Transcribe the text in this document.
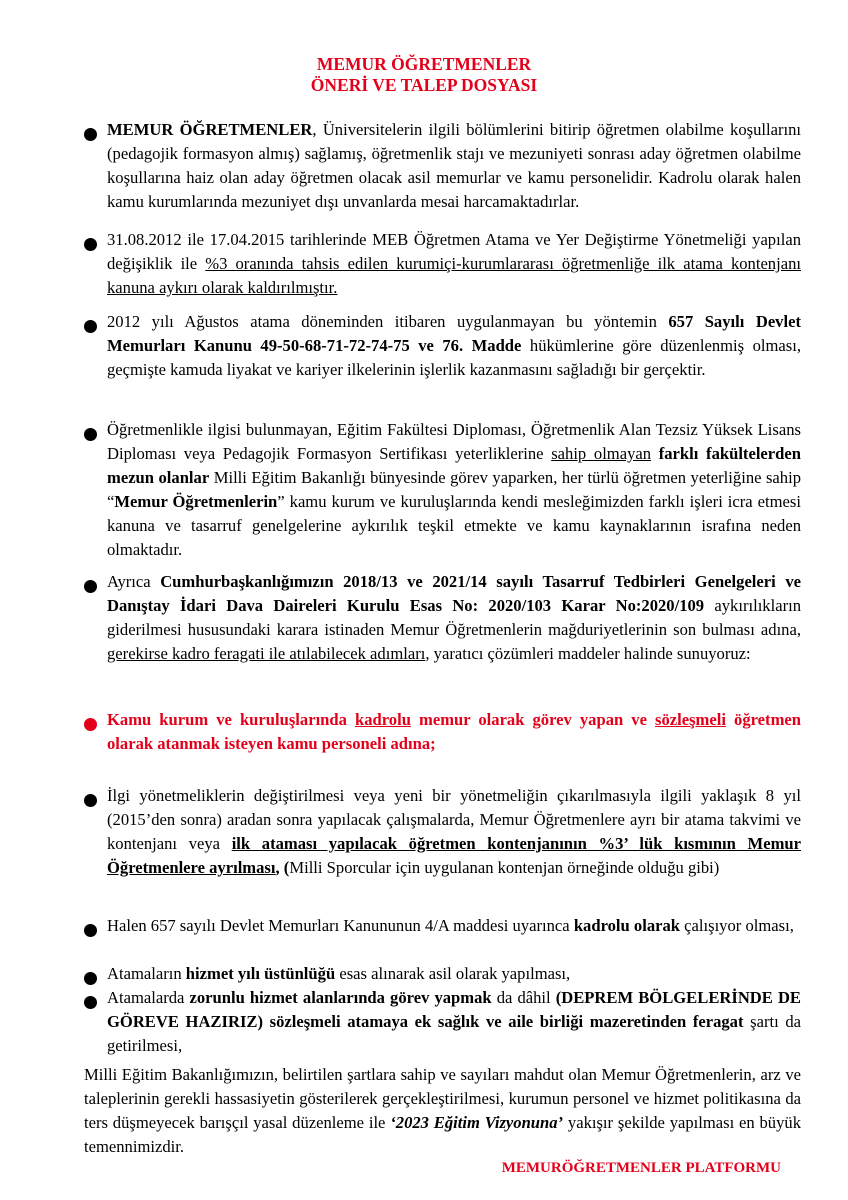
MEMUR ÖĞRETMENLER
ÖNERİ VE TALEP DOSYASI
MEMUR ÖĞRETMENLER, Üniversitelerin ilgili bölümlerini bitirip öğretmen olabilme koşullarını (pedagojik formasyon almış) sağlamış, öğretmenlik stajı ve mezuniyeti sonrası aday öğretmen olabilme koşullarına haiz olan aday öğretmen olacak asil memurlar ve kamu personelidir. Kadrolu olarak halen kamu kurumlarında mezuniyet dışı unvanlarda mesai harcamaktadırlar.
31.08.2012 ile 17.04.2015 tarihlerinde MEB Öğretmen Atama ve Yer Değiştirme Yönetmeliği yapılan değişiklik ile %3 oranında tahsis edilen kurumiçi-kurumlararası öğretmenliğe ilk atama kontenjanı kanuna aykırı olarak kaldırılmıştır.
2012 yılı Ağustos atama döneminden itibaren uygulanmayan bu yöntemin 657 Sayılı Devlet Memurları Kanunu 49-50-68-71-72-74-75 ve 76. Madde hükümlerine göre düzenlenmiş olması, geçmişte kamuda liyakat ve kariyer ilkelerinin işlerlik kazanmasını sağladığı bir gerçektir.
Öğretmenlikle ilgisi bulunmayan, Eğitim Fakültesi Diploması, Öğretmenlik Alan Tezsiz Yüksek Lisans Diploması veya Pedagojik Formasyon Sertifikası yeterliklerine sahip olmayan farklı fakültelerden mezun olanlar Milli Eğitim Bakanlığı bünyesinde görev yaparken, her türlü öğretmen yeterliğine sahip “Memur Öğretmenlerin” kamu kurum ve kuruluşlarında kendi mesleğimizden farklı işleri icra etmesi kanuna ve tasarruf genelgelerine aykırılık teşkil etmekte ve kamu kaynaklarının israfına neden olmaktadır.
Ayrıca Cumhurbaşkanlığımızın 2018/13 ve 2021/14 sayılı Tasarruf Tedbirleri Genelgeleri ve Danıştay İdari Dava Daireleri Kurulu Esas No: 2020/103 Karar No:2020/109 aykırılıkların giderilmesi hususundaki karara istinaden Memur Öğretmenlerin mağduriyetlerinin son bulması adına, gerekirse kadro feragati ile atılabilecek adımları, yaratıcı çözümleri maddeler halinde sunuyoruz:
Kamu kurum ve kuruluşlarında kadrolu memur olarak görev yapan ve sözleşmeli öğretmen olarak atanmak isteyen kamu personeli adına;
İlgi yönetmeliklerin değiştirilmesi veya yeni bir yönetmeliğin çıkarılmasıyla ilgili yaklaşık 8 yıl (2015’den sonra) aradan sonra yapılacak çalışmalarda, Memur Öğretmenlere ayrı bir atama takvimi ve kontenjanı veya ilk ataması yapılacak öğretmen kontenjanının %3’ lük kısmının Memur Öğretmenlere ayrılması, (Milli Sporcular için uygulanan kontenjan örneğinde olduğu gibi)
Halen 657 sayılı Devlet Memurları Kanununun 4/A maddesi uyarınca kadrolu olarak çalışıyor olması,
Atamaların hizmet yılı üstünlüğü esas alınarak asil olarak yapılması,
Atamalarda zorunlu hizmet alanlarında görev yapmak da dâhil (DEPREM BÖLGELERİNDE DE GÖREVE HAZIRIZ) sözleşmeli atamaya ek sağlık ve aile birliği mazeretinden feragat şartı da getirilmesi,
Milli Eğitim Bakanlığımızın, belirtilen şartlara sahip ve sayıları mahdut olan Memur Öğretmenlerin, arz ve taleplerinin gerekli hassasiyetin gösterilerek gerçekleştirilmesi, kurumun personel ve hizmet politikasına da ters düşmeyecek barışçıl yasal düzenleme ile ‘2023 Eğitim Vizyonuna’ yakışır şekilde yapılması en büyük temennimizdir.
MEMURÖĞRETMENLER PLATFORMU
